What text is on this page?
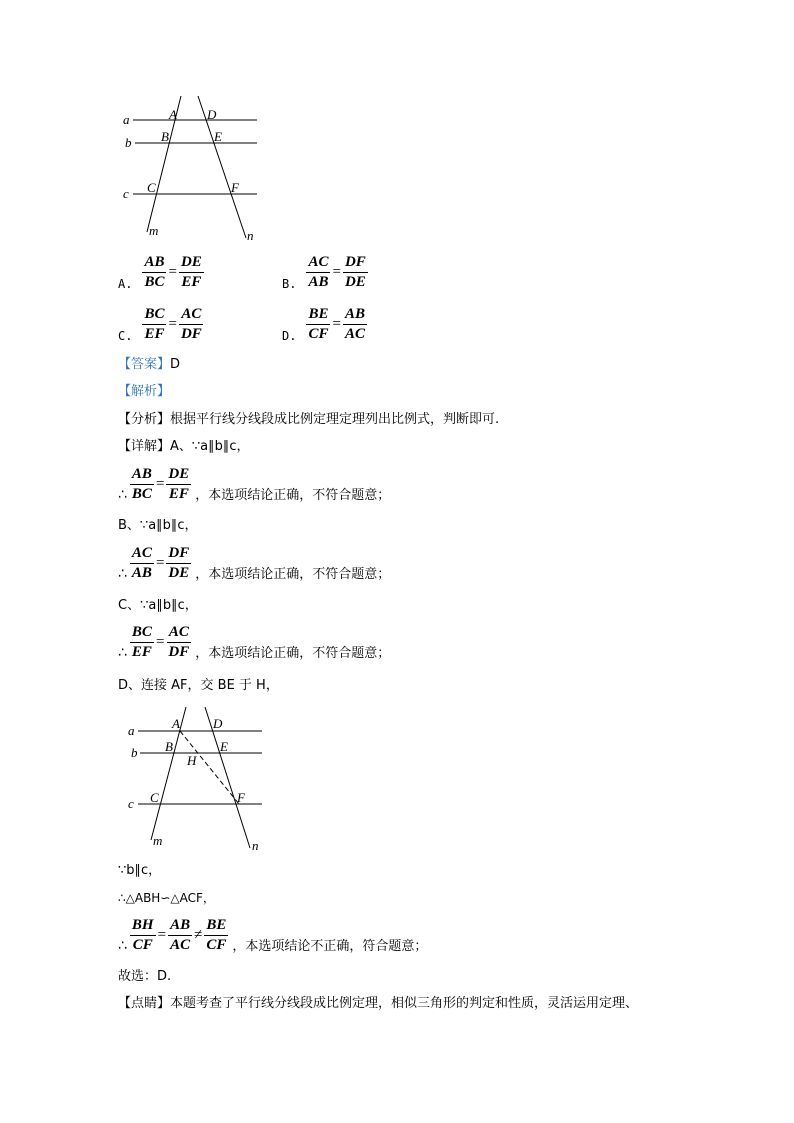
a
b
c
A
B
C
D
E
F
m	n
A. $\frac{AB}{BC} = \frac{DE}{EF}$	B. $\frac{AC}{AB} = \frac{DF}{DE}$
C. $\frac{BC}{EF} = \frac{AC}{DF}$	D. $\frac{BE}{CF} = \frac{AB}{AC}$
【答案】D
【解析】
【分析】根据平行线分线段成比例定理定理列出比例式，判断即可.
【详解】A、∵a∥b∥c，
∴ $\frac{AB}{BC} = \frac{DE}{EF}$ ，本选项结论正确，不符合题意；
B、∵a∥b∥c，
∴ $\frac{AC}{AB} = \frac{DF}{DE}$ ，本选项结论正确，不符合题意；
C、∵a∥b∥c，
∴ $\frac{BC}{EF} = \frac{AC}{DF}$ ，本选项结论正确，不符合题意；
D、连接 AF，交 BE 于 H，
a
b
c
A
B
C
D
E
F
H
m	n
∵b∥c，
∴△ABH∽△ACF，
∴ $\frac{BH}{CF} = \frac{AB}{AC} \ne \frac{BE}{CF}$ ，本选项结论不正确，符合题意；
故选：D.
【点睛】本题考查了平行线分线段成比例定理，相似三角形的判定和性质，灵活运用定理、
